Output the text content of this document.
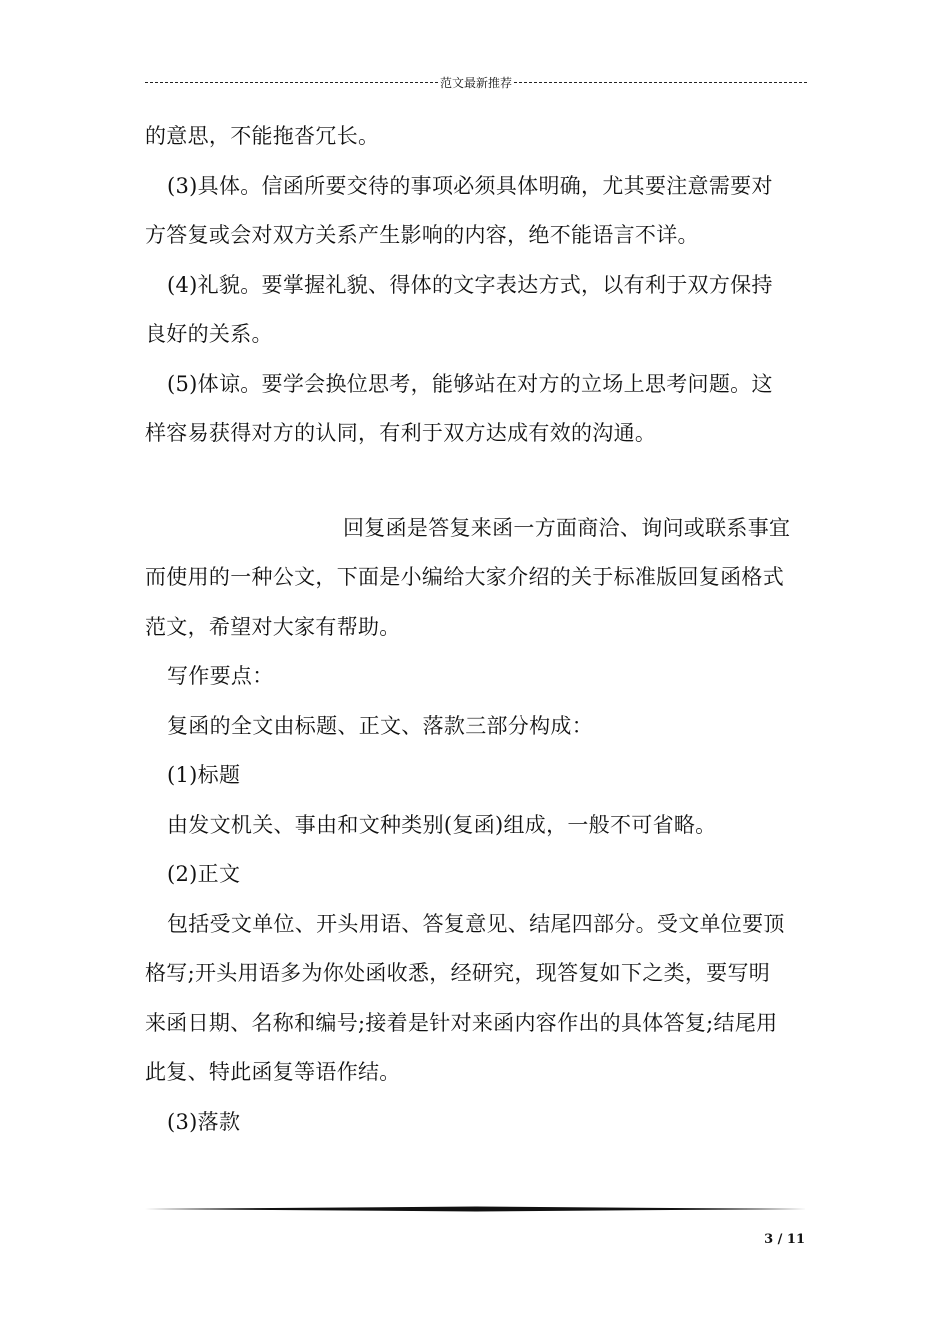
范文最新推荐
的意思，不能拖沓冗长。
(3)具体。信函所要交待的事项必须具体明确，尤其要注意需要对
方答复或会对双方关系产生影响的内容，绝不能语言不详。
(4)礼貌。要掌握礼貌、得体的文字表达方式，以有利于双方保持
良好的关系。
(5)体谅。要学会换位思考，能够站在对方的立场上思考问题。这
样容易获得对方的认同，有利于双方达成有效的沟通。
回复函是答复来函一方面商洽、询问或联系事宜
而使用的一种公文，下面是小编给大家介绍的关于标准版回复函格式
范文，希望对大家有帮助。
写作要点：
复函的全文由标题、正文、落款三部分构成：
(1)标题
由发文机关、事由和文种类别(复函)组成，一般不可省略。
(2)正文
包括受文单位、开头用语、答复意见、结尾四部分。受文单位要顶
格写;开头用语多为你处函收悉，经研究，现答复如下之类，要写明
来函日期、名称和编号;接着是针对来函内容作出的具体答复;结尾用
此复、特此函复等语作结。
(3)落款
3 / 11
